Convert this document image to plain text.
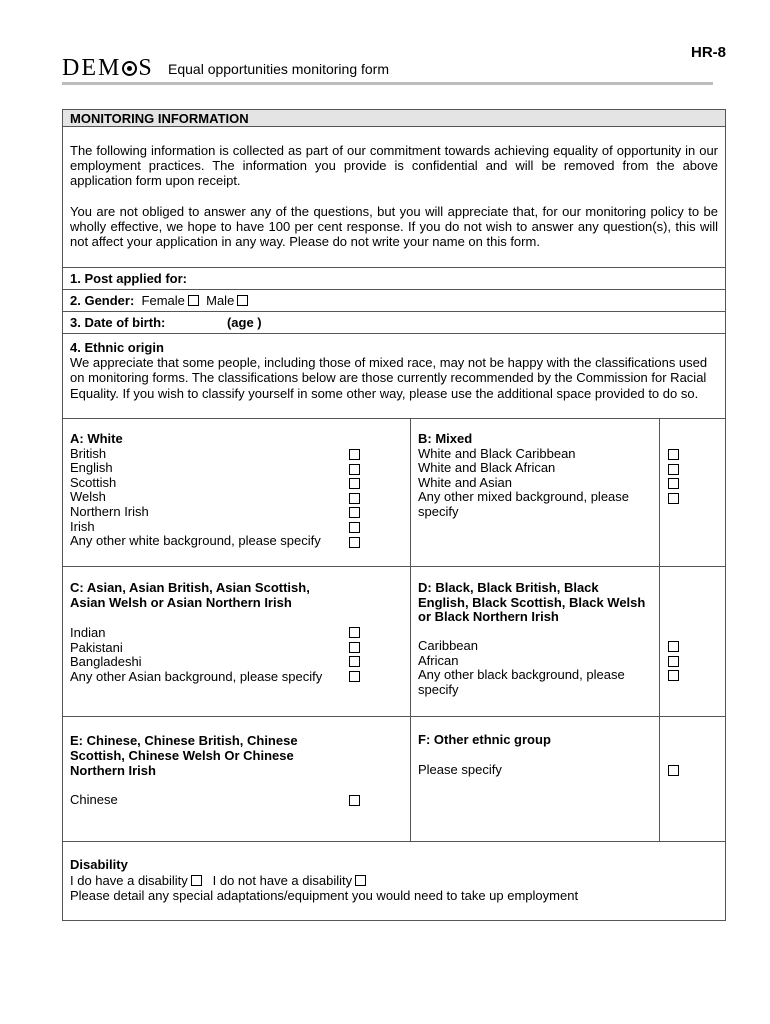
HR-8
DEM S Equal opportunities monitoring form
MONITORING INFORMATION

The following information is collected as part of our commitment towards achieving equality of opportunity in our employment practices. The information you provide is confidential and will be removed from the above application form upon receipt.

You are not obliged to answer any of the questions, but you will appreciate that, for our monitoring policy to be wholly effective, we hope to have 100 per cent response. If you do not wish to answer any question(s), this will not affect your application in any way. Please do not write your name on this form.

1. Post applied for:
2. Gender: Female Male
3. Date of birth:	(age )
4. Ethnic origin
We appreciate that some people, including those of mixed race, may not be happy with the classifications used on monitoring forms. The classifications below are those currently recommended by the Commission for Racial Equality. If you wish to classify yourself in some other way, please use the additional space provided to do so.
A: White
British
English
Scottish
Welsh
Northern Irish
Irish
Any other white background, please specify
B: Mixed
White and Black Caribbean
White and Black African
White and Asian
Any other mixed background, please specify
C: Asian, Asian British, Asian Scottish, Asian Welsh or Asian Northern Irish
Indian
Pakistani
Bangladeshi
Any other Asian background, please specify
D: Black, Black British, Black English, Black Scottish, Black Welsh or Black Northern Irish
Caribbean
African
Any other black background, please specify
E: Chinese, Chinese British, Chinese Scottish, Chinese Welsh Or Chinese Northern Irish
Chinese
F: Other ethnic group
Please specify
Disability
I do have a disability I do not have a disability
Please detail any special adaptations/equipment you would need to take up employment
